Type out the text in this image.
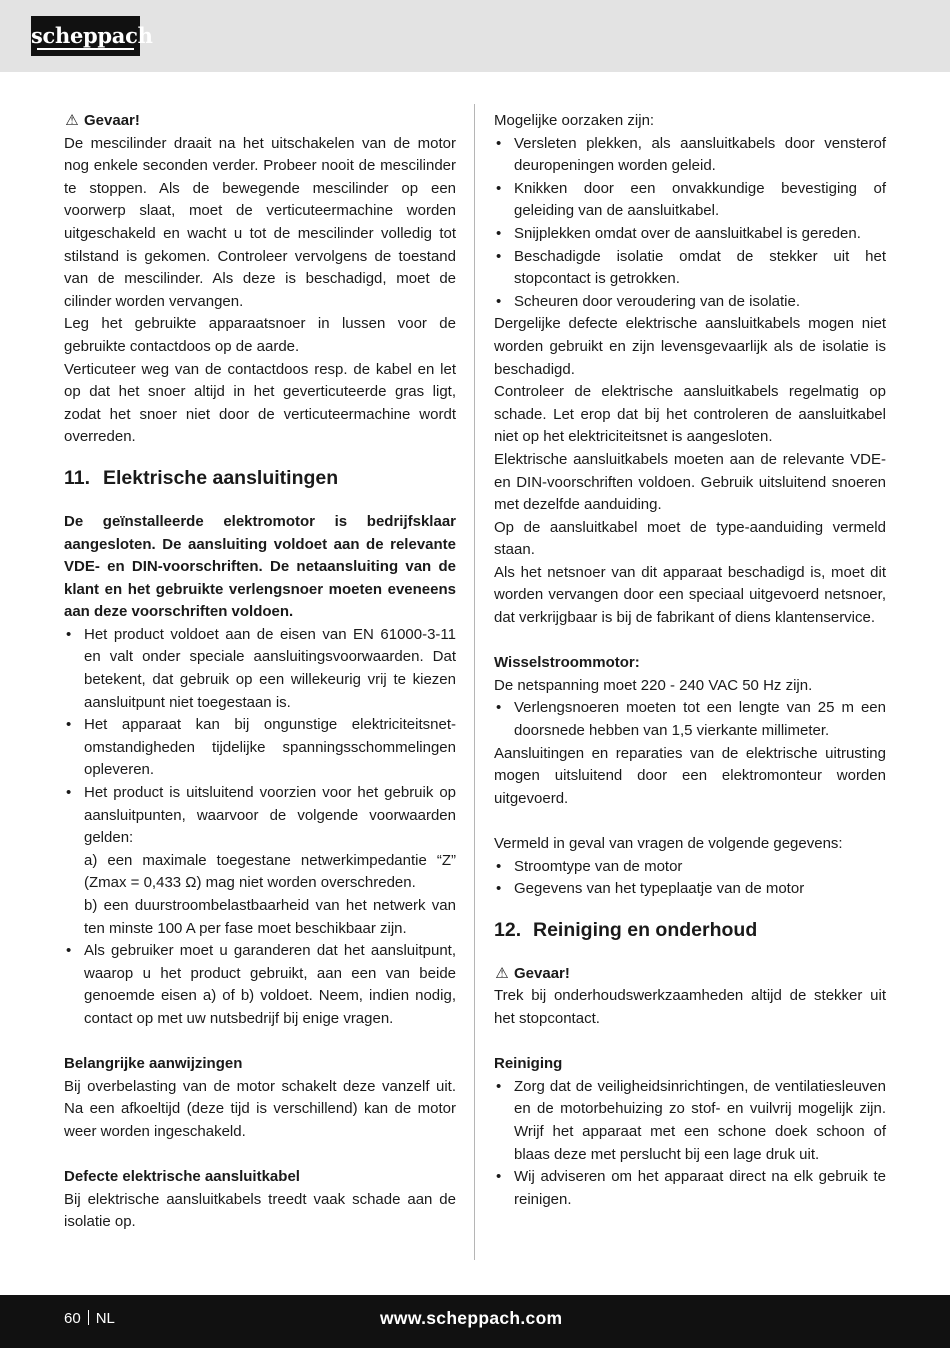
scheppach
⚠ Gevaar!

De mescilinder draait na het uitschakelen van de motor nog enkele seconden verder. Probeer nooit de mescilinder te stoppen. Als de bewegende mescilinder op een voorwerp slaat, moet de verticuteermachine worden uitgeschakeld en wacht u tot de mescilinder volledig tot stilstand is gekomen. Controleer vervolgens de toestand van de mescilinder. Als deze is beschadigd, moet de cilinder worden vervangen.

Leg het gebruikte apparaatsnoer in lussen voor de gebruikte contactdoos op de aarde.

Verticuteer weg van de contactdoos resp. de kabel en let op dat het snoer altijd in het geverticuteerde gras ligt, zodat het snoer niet door de verticuteermachine wordt overreden.

11. Elektrische aansluitingen

De geïnstalleerde elektromotor is bedrijfsklaar aangesloten. De aansluiting voldoet aan de relevante VDE- en DIN-voorschriften. De netaansluiting van de klant en het gebruikte verlengsnoer moeten eveneens aan deze voorschriften voldoen.

• Het product voldoet aan de eisen van EN 61000-3-11 en valt onder speciale aansluitingsvoorwaarden. Dat betekent, dat gebruik op een willekeurig vrij te kiezen aansluitpunt niet toegestaan is.
• Het apparaat kan bij ongunstige elektriciteitsnet-omstandigheden tijdelijke spanningsschommelingen opleveren.
• Het product is uitsluitend voorzien voor het gebruik op aansluitpunten, waarvoor de volgende voorwaarden gelden:
a) een maximale toegestane netwerkimpedantie “Z” (Zmax = 0,433 Ω) mag niet worden overschreden.
b) een duurstroombelastbaarheid van het netwerk van ten minste 100 A per fase moet beschikbaar zijn.
• Als gebruiker moet u garanderen dat het aansluitpunt, waarop u het product gebruikt, aan een van beide genoemde eisen a) of b) voldoet. Neem, indien nodig, contact op met uw nutsbedrijf bij enige vragen.

Belangrijke aanwijzingen

Bij overbelasting van de motor schakelt deze vanzelf uit. Na een afkoeltijd (deze tijd is verschillend) kan de motor weer worden ingeschakeld.

Defecte elektrische aansluitkabel

Bij elektrische aansluitkabels treedt vaak schade aan de isolatie op.

Mogelijke oorzaken zijn:

• Versleten plekken, als aansluitkabels door vensterof deuropeningen worden geleid.
• Knikken door een onvakkundige bevestiging of geleiding van de aansluitkabel.
• Snijplekken omdat over de aansluitkabel is gereden.
• Beschadigde isolatie omdat de stekker uit het stopcontact is getrokken.
• Scheuren door veroudering van de isolatie.

Dergelijke defecte elektrische aansluitkabels mogen niet worden gebruikt en zijn levensgevaarlijk als de isolatie is beschadigd.

Controleer de elektrische aansluitkabels regelmatig op schade. Let erop dat bij het controleren de aansluitkabel niet op het elektriciteitsnet is aangesloten.

Elektrische aansluitkabels moeten aan de relevante VDE- en DIN-voorschriften voldoen. Gebruik uitsluitend snoeren met dezelfde aanduiding.

Op de aansluitkabel moet de type-aanduiding vermeld staan.

Als het netsnoer van dit apparaat beschadigd is, moet dit worden vervangen door een speciaal uitgevoerd netsnoer, dat verkrijgbaar is bij de fabrikant of diens klantenservice.

Wisselstroommotor:

De netspanning moet 220 - 240 VAC 50 Hz zijn.

• Verlengsnoeren moeten tot een lengte van 25 m een doorsnede hebben van 1,5 vierkante millimeter.

Aansluitingen en reparaties van de elektrische uitrusting mogen uitsluitend door een elektromonteur worden uitgevoerd.

Vermeld in geval van vragen de volgende gegevens:

• Stroomtype van de motor
• Gegevens van het typeplaatje van de motor
12. Reiniging en onderhoud
⚠ Gevaar!

Trek bij onderhoudswerkzaamheden altijd de stekker uit het stopcontact.

Reiniging

• Zorg dat de veiligheidsinrichtingen, de ventilatiesleuven en de motorbehuizing zo stof- en vuilvrij mogelijk zijn. Wrijf het apparaat met een schone doek schoon of blaas deze met perslucht bij een lage druk uit.
• Wij adviseren om het apparaat direct na elk gebruik te reinigen.
60 NL	www.scheppach.com
